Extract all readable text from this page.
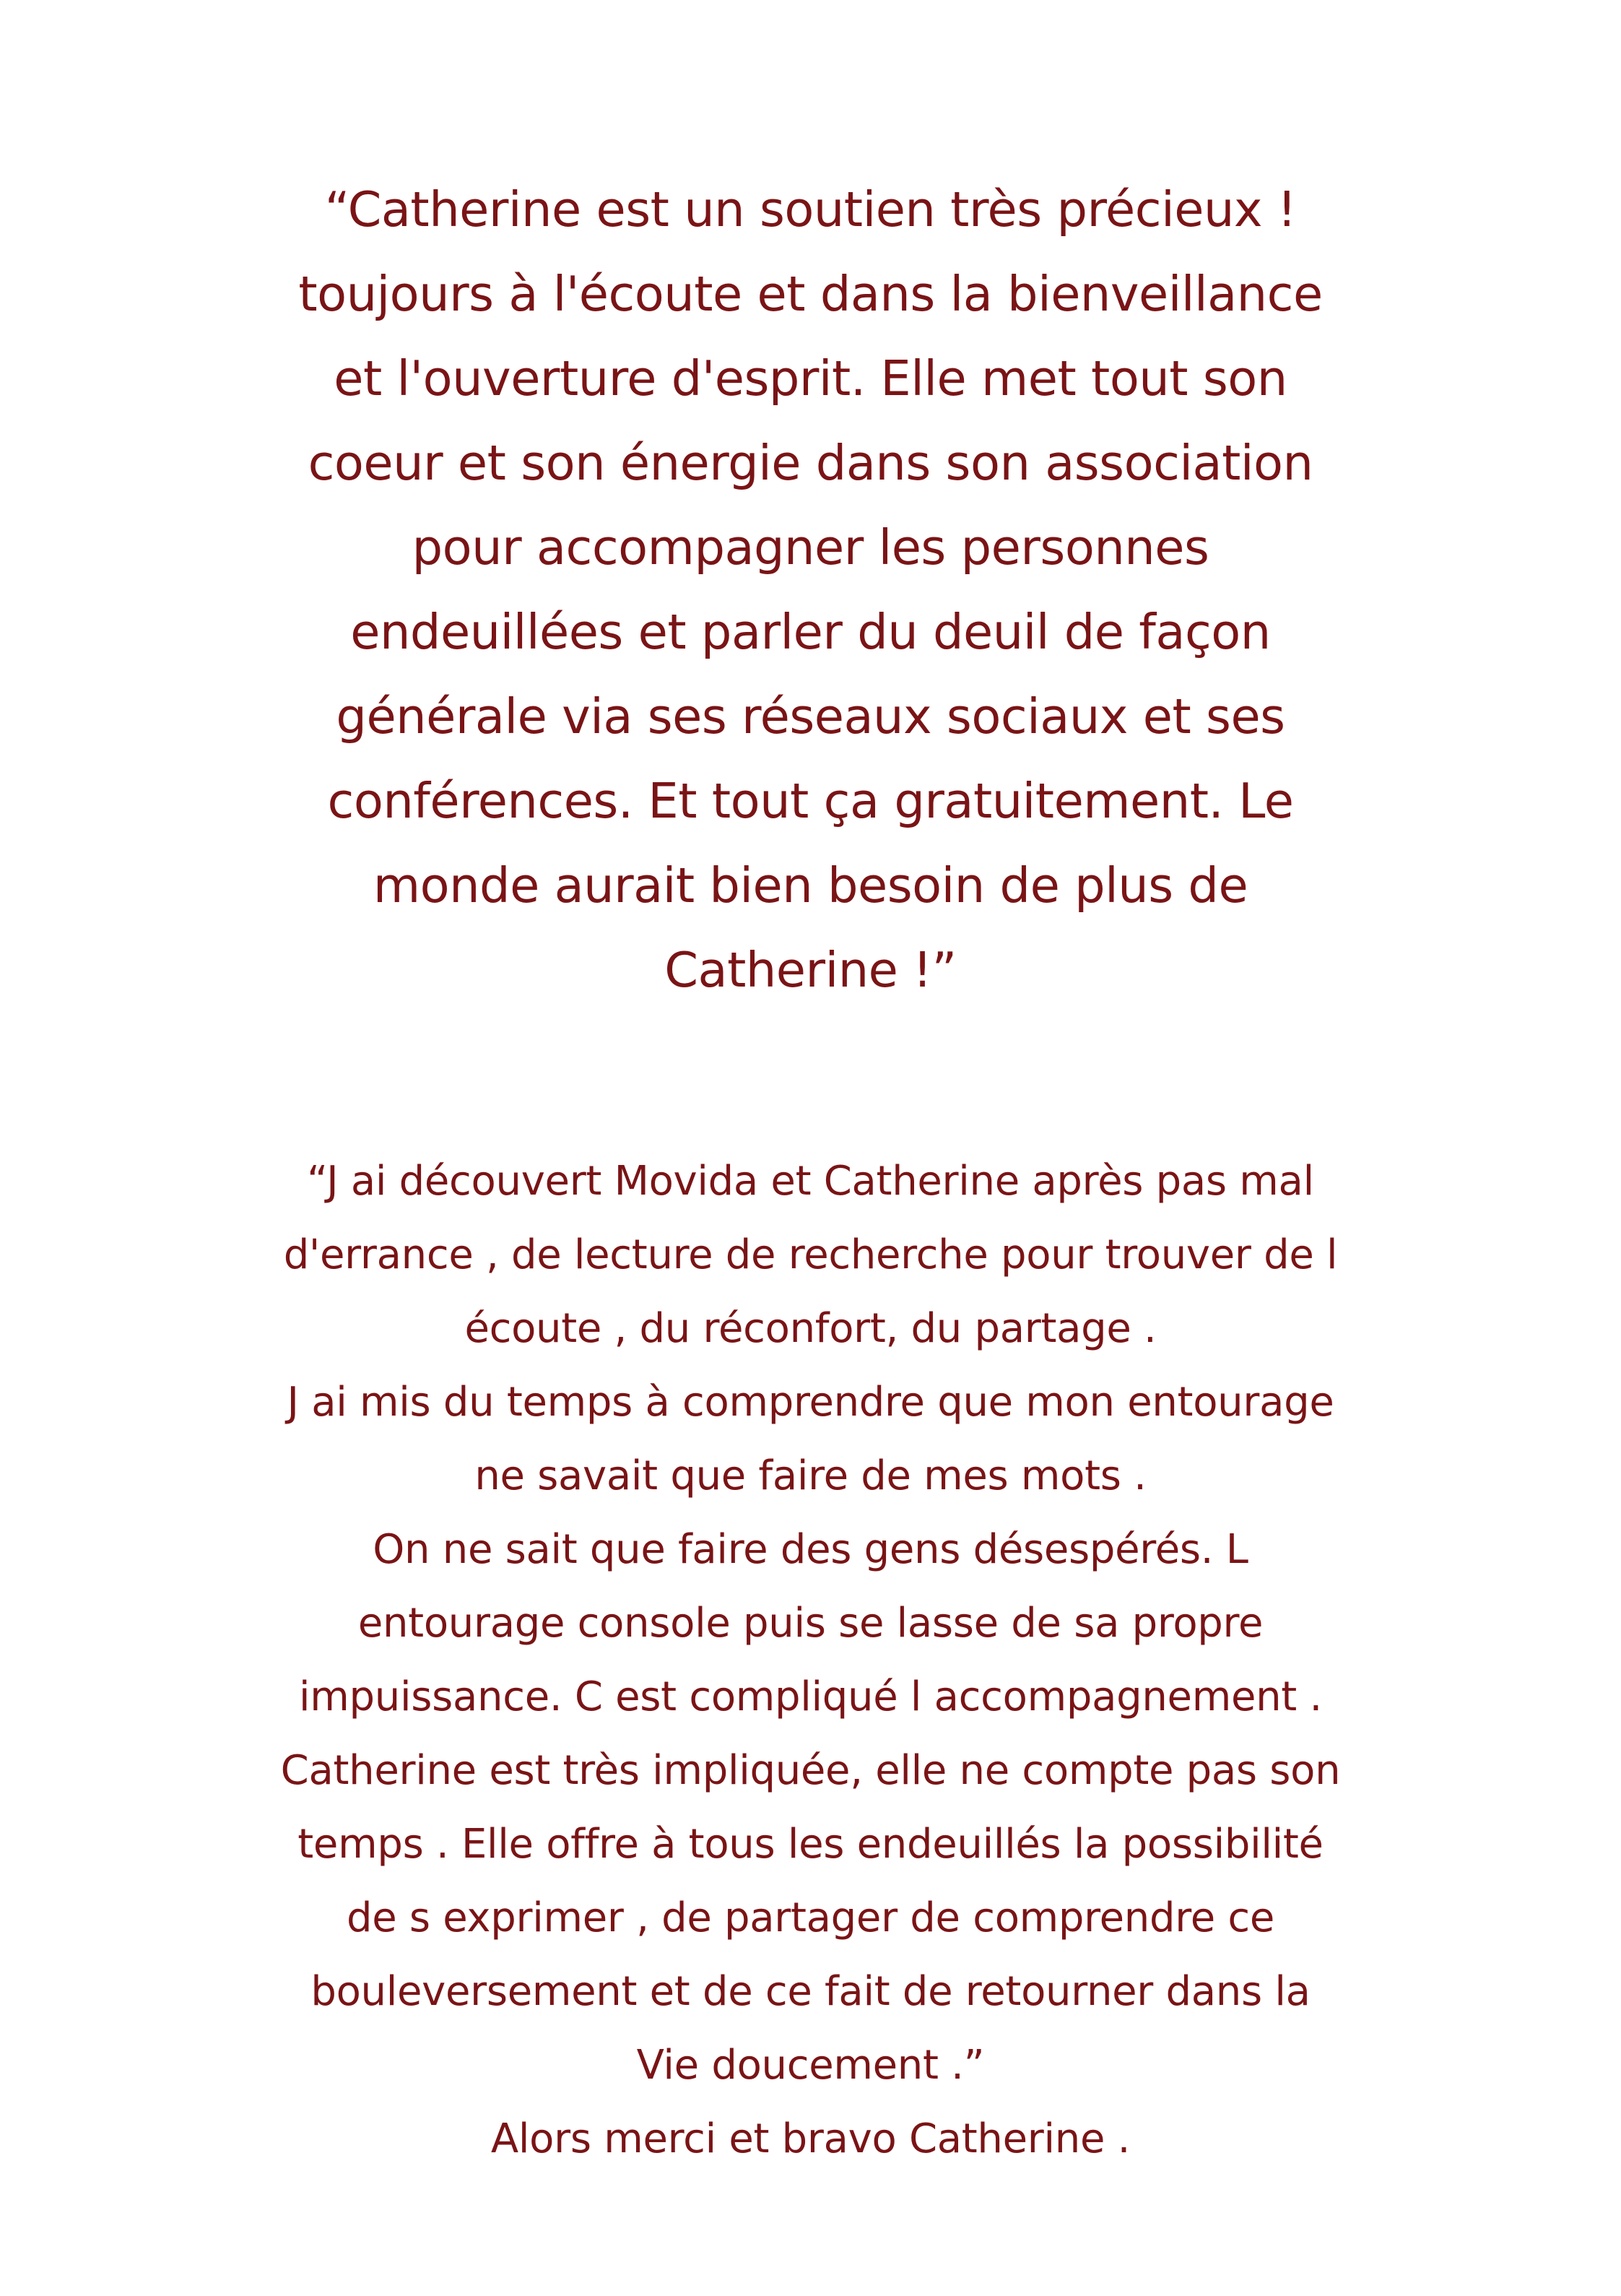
“Catherine est un soutien très précieux !
toujours à l'écoute et dans la bienveillance
et l'ouverture d'esprit. Elle met tout son
coeur et son énergie dans son association
pour accompagner les personnes
endeuillées et parler du deuil de façon
générale via ses réseaux sociaux et ses
conférences. Et tout ça gratuitement. Le
monde aurait bien besoin de plus de
Catherine !”
“J ai découvert Movida et Catherine après pas mal
d'errance , de lecture de recherche pour trouver de l
écoute , du réconfort, du partage .
J ai mis du temps à comprendre que mon entourage
ne savait que faire de mes mots .
On ne sait que faire des gens désespérés. L
entourage console puis se lasse de sa propre
impuissance. C est compliqué l accompagnement .
Catherine est très impliquée, elle ne compte pas son
temps . Elle offre à tous les endeuillés la possibilité
de s exprimer , de partager de comprendre ce
bouleversement et de ce fait de retourner dans la
Vie doucement .”
Alors merci et bravo Catherine .
